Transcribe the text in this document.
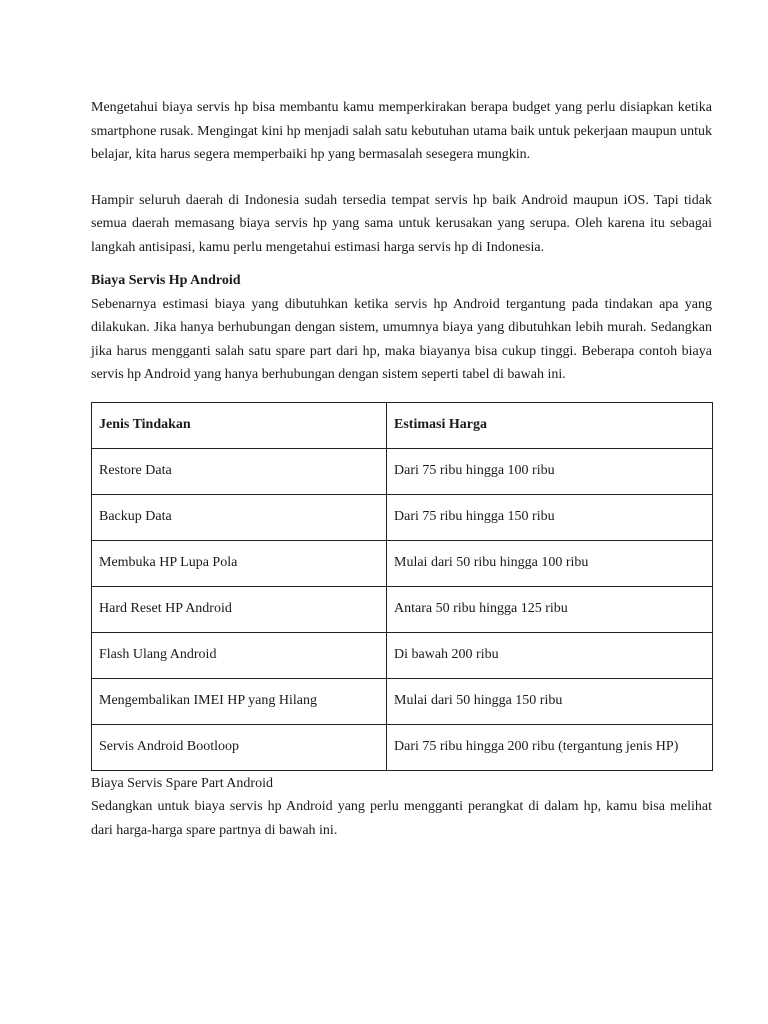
Mengetahui biaya servis hp bisa membantu kamu memperkirakan berapa budget yang perlu disiapkan ketika smartphone rusak. Mengingat kini hp menjadi salah satu kebutuhan utama baik untuk pekerjaan maupun untuk belajar, kita harus segera memperbaiki hp yang bermasalah sesegera mungkin.

Hampir seluruh daerah di Indonesia sudah tersedia tempat servis hp baik Android maupun iOS. Tapi tidak semua daerah memasang biaya servis hp yang sama untuk kerusakan yang serupa. Oleh karena itu sebagai langkah antisipasi, kamu perlu mengetahui estimasi harga servis hp di Indonesia.

Biaya Servis Hp Android

Sebenarnya estimasi biaya yang dibutuhkan ketika servis hp Android tergantung pada tindakan apa yang dilakukan. Jika hanya berhubungan dengan sistem, umumnya biaya yang dibutuhkan lebih murah. Sedangkan jika harus mengganti salah satu spare part dari hp, maka biayanya bisa cukup tinggi. Beberapa contoh biaya servis hp Android yang hanya berhubungan dengan sistem seperti tabel di bawah ini.

Jenis Tindakan	Estimasi Harga
Restore Data	Dari 75 ribu hingga 100 ribu
Backup Data	Dari 75 ribu hingga 150 ribu
Membuka HP Lupa Pola	Mulai dari 50 ribu hingga 100 ribu
Hard Reset HP Android	Antara 50 ribu hingga 125 ribu
Flash Ulang Android	Di bawah 200 ribu
Mengembalikan IMEI HP yang Hilang	Mulai dari 50 hingga 150 ribu
Servis Android Bootloop	Dari 75 ribu hingga 200 ribu (tergantung jenis HP)
Biaya Servis Spare Part Android

Sedangkan untuk biaya servis hp Android yang perlu mengganti perangkat di dalam hp, kamu bisa melihat dari harga-harga spare partnya di bawah ini.
